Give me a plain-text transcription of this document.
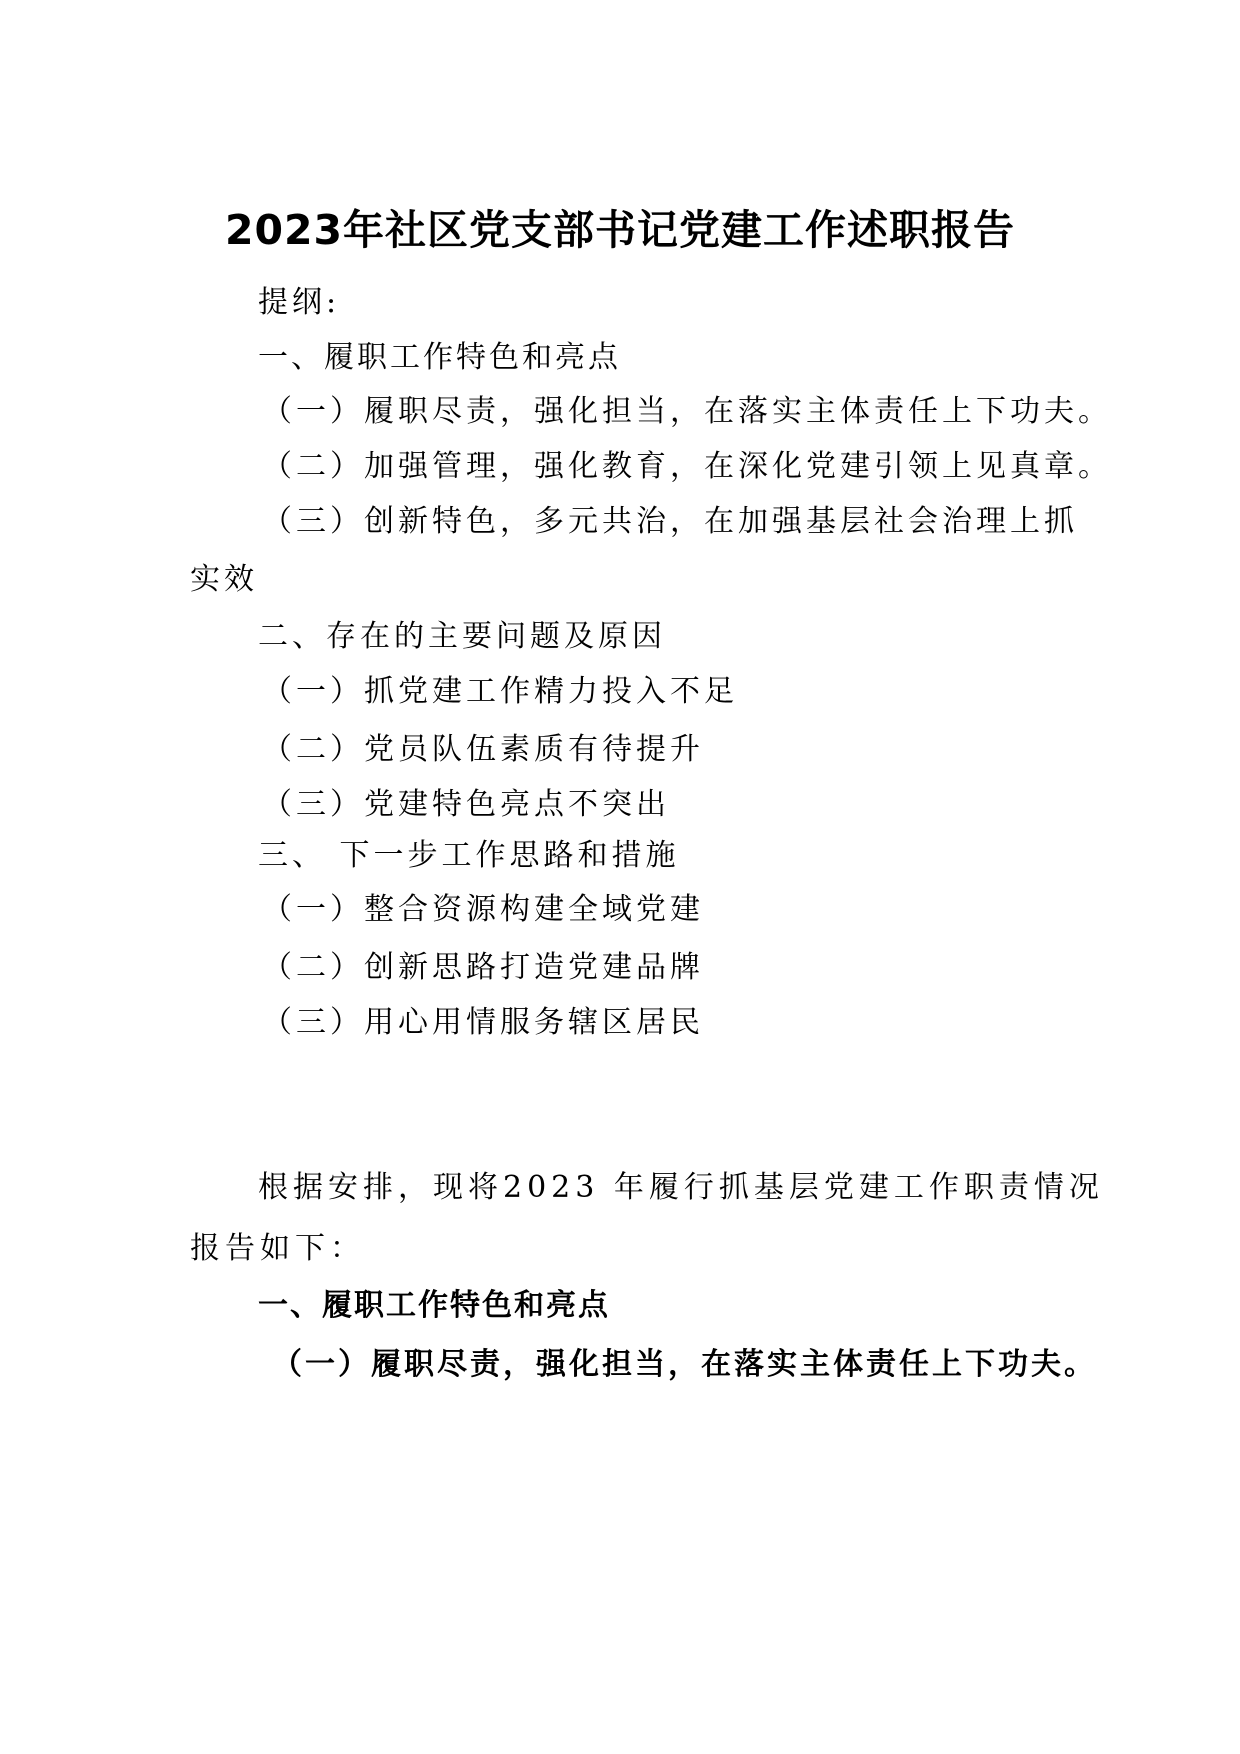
2023年社区党支部书记党建工作述职报告
提纲:
一、履职工作特色和亮点
（一）履职尽责，强化担当，在落实主体责任上下功夫。
（二）加强管理，强化教育，在深化党建引领上见真章。
（三）创新特色，多元共治，在加强基层社会治理上抓
实效
二、存在的主要问题及原因
（一）抓党建工作精力投入不足
（二）党员队伍素质有待提升
（三）党建特色亮点不突出
三、 下一步工作思路和措施
（一）整合资源构建全域党建
（二）创新思路打造党建品牌
（三）用心用情服务辖区居民
根据安排，现将2023 年履行抓基层党建工作职责情况
报告如下：
一、履职工作特色和亮点
（一）履职尽责，强化担当，在落实主体责任上下功夫。
